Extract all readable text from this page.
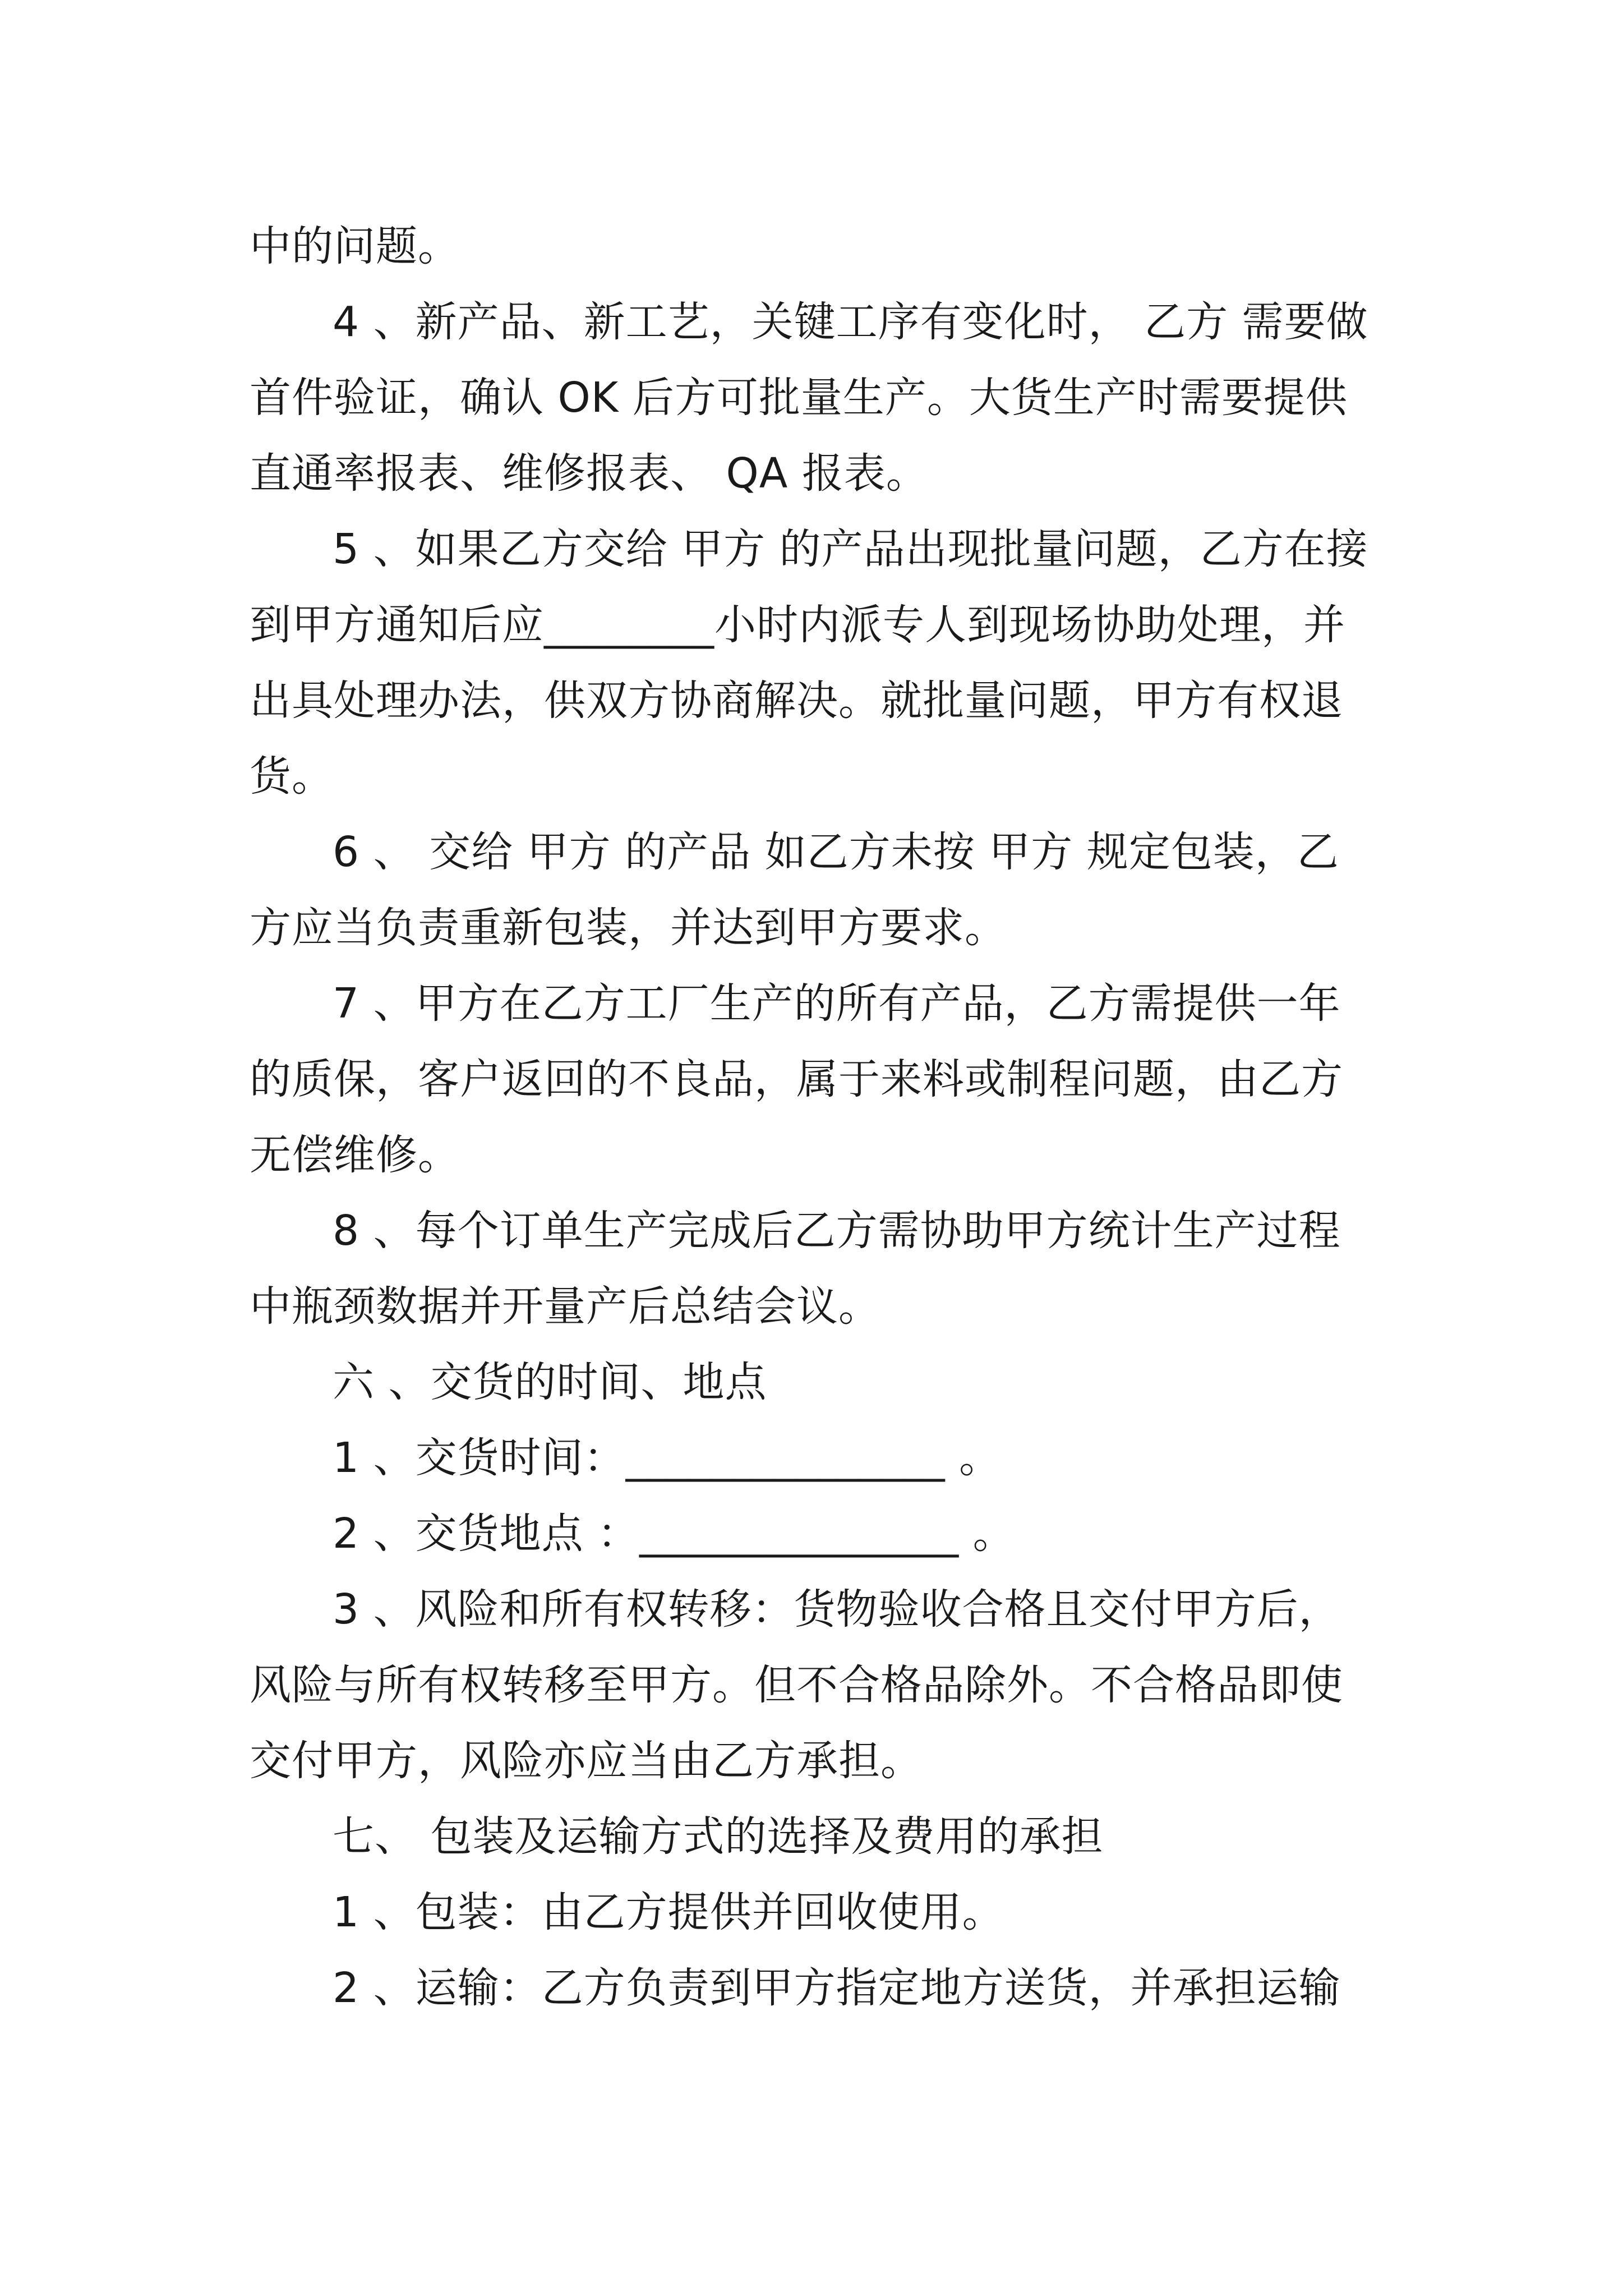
中的问题。

4 、新产品、新工艺，关键工序有变化时， 乙方 需要做首件验证，确认 OK 后方可批量生产。大货生产时需要提供直通率报表、维修报表、 QA 报表。

5 、如果乙方交给 甲方 的产品出现批量问题，乙方在接到甲方通知后应________小时内派专人到现场协助处理，并出具处理办法，供双方协商解决。就批量问题，甲方有权退货。

6 、 交给 甲方 的产品 如乙方未按 甲方 规定包装，乙方应当负责重新包装，并达到甲方要求。

7 、甲方在乙方工厂生产的所有产品，乙方需提供一年的质保，客户返回的不良品，属于来料或制程问题，由乙方无偿维修。

8 、每个订单生产完成后乙方需协助甲方统计生产过程中瓶颈数据并开量产后总结会议。

六 、交货的时间、地点

1 、交货时间：_______________ 。

2 、交货地点 ：_______________ 。

3 、风险和所有权转移：货物验收合格且交付甲方后，风险与所有权转移至甲方。但不合格品除外。不合格品即使交付甲方，风险亦应当由乙方承担。

七、 包装及运输方式的选择及费用的承担

1 、包装：由乙方提供并回收使用。

2 、运输：乙方负责到甲方指定地方送货，并承担运输
